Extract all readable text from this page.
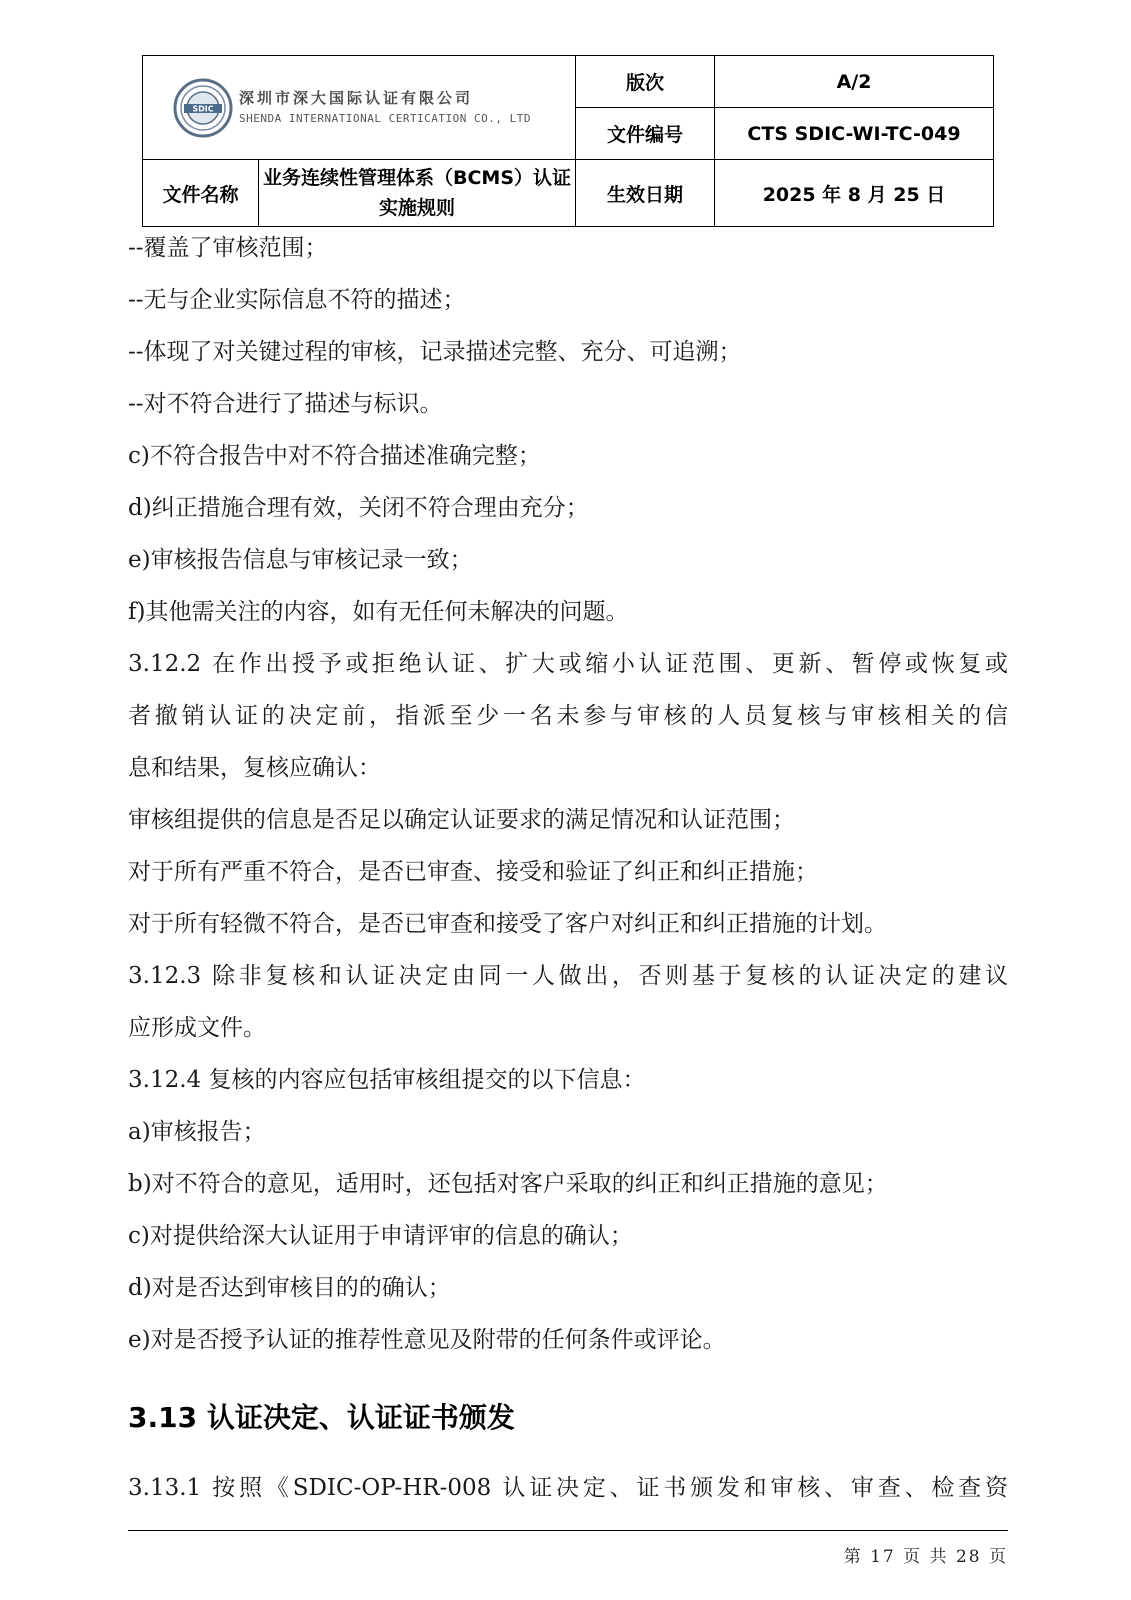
SDIC
深圳市深大国际认证有限公司
SHENDA INTERNATIONAL CERTICATION CO., LTD		版次	A/2
		文件编号	CTS SDIC-WI-TC-049
文件名称	业务连续性管理体系（BCMS）认证实施规则	生效日期	2025 年 8 月 25 日
--覆盖了审核范围；
--无与企业实际信息不符的描述；
--体现了对关键过程的审核，记录描述完整、充分、可追溯；
--对不符合进行了描述与标识。
c)不符合报告中对不符合描述准确完整；
d)纠正措施合理有效，关闭不符合理由充分；
e)审核报告信息与审核记录一致；
f)其他需关注的内容，如有无任何未解决的问题。
3.12.2 在作出授予或拒绝认证、扩大或缩小认证范围、更新、暂停或恢复或
者撤销认证的决定前，指派至少一名未参与审核的人员复核与审核相关的信
息和结果，复核应确认：
审核组提供的信息是否足以确定认证要求的满足情况和认证范围；
对于所有严重不符合，是否已审查、接受和验证了纠正和纠正措施；
对于所有轻微不符合，是否已审查和接受了客户对纠正和纠正措施的计划。
3.12.3 除非复核和认证决定由同一人做出，否则基于复核的认证决定的建议
应形成文件。
3.12.4 复核的内容应包括审核组提交的以下信息：
a)审核报告；
b)对不符合的意见，适用时，还包括对客户采取的纠正和纠正措施的意见；
c)对提供给深大认证用于申请评审的信息的确认；
d)对是否达到审核目的的确认；
e)对是否授予认证的推荐性意见及附带的任何条件或评论。
3.13 认证决定、认证证书颁发
3.13.1 按照《SDIC-OP-HR-008 认证决定、证书颁发和审核、审查、检查资
第 17 页 共 28 页
